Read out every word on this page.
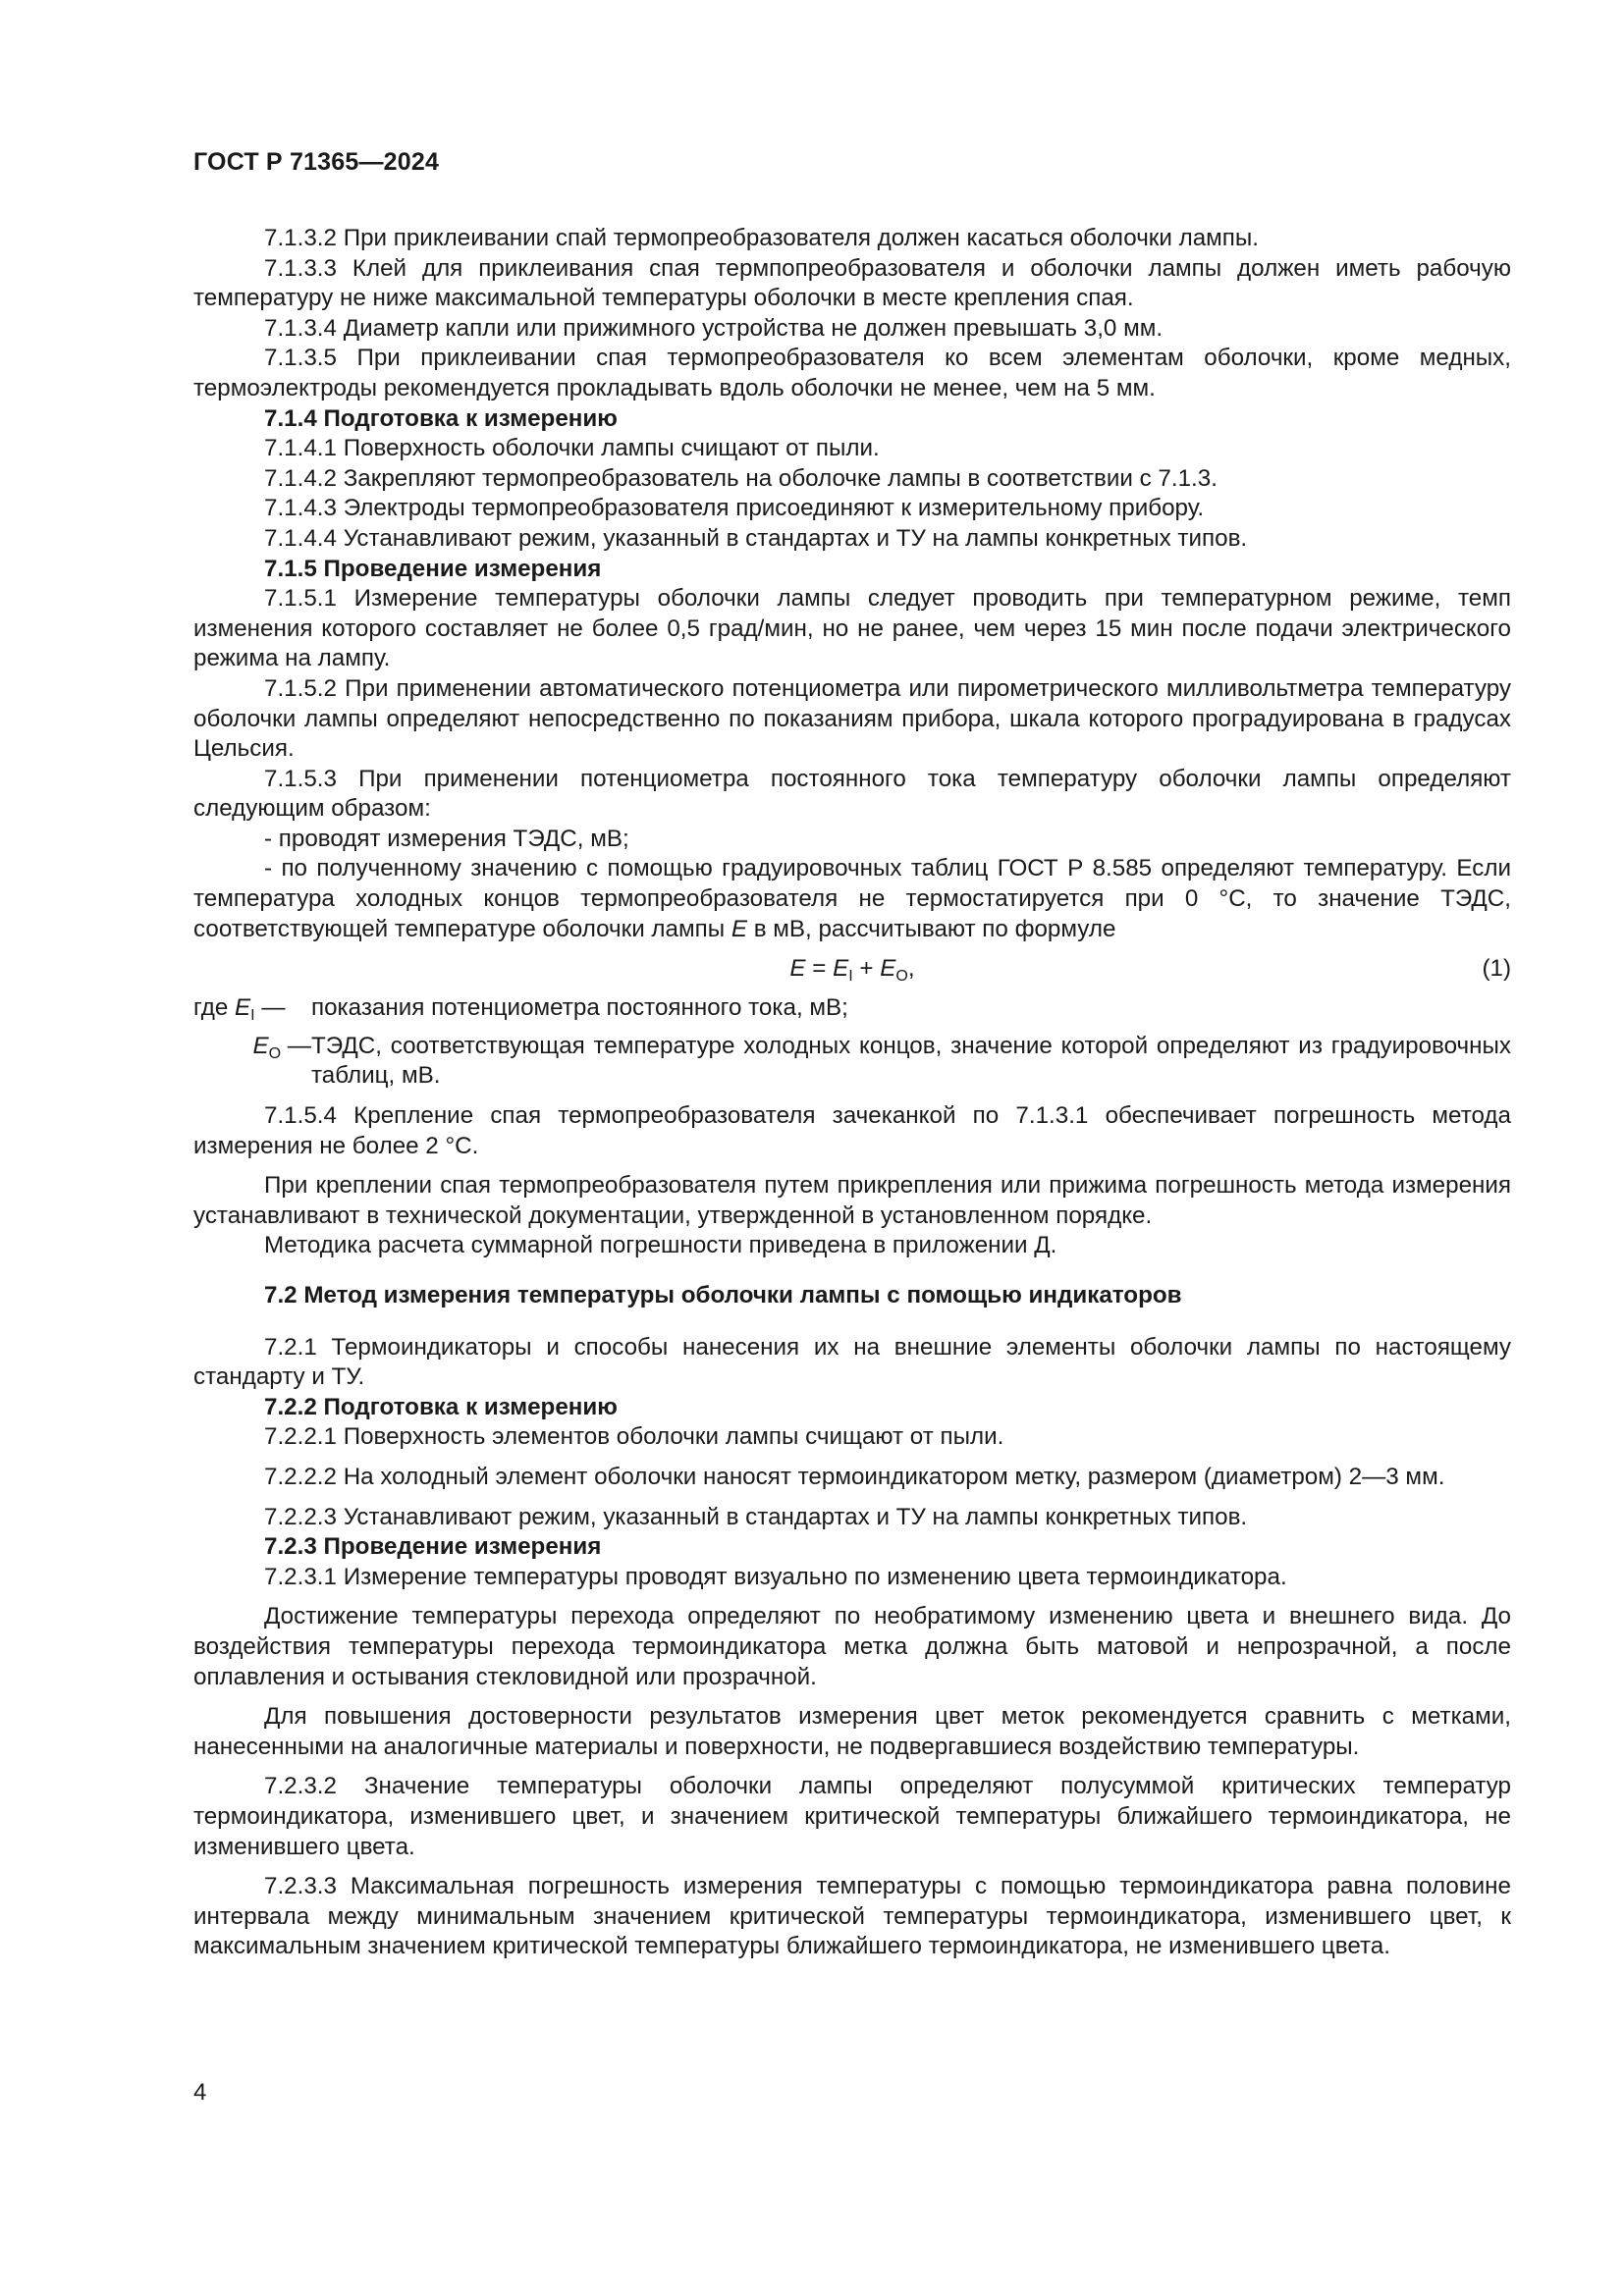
ГОСТ Р 71365—2024

7.1.3.2 При приклеивании спай термопреобразователя должен касаться оболочки лампы.

7.1.3.3 Клей для приклеивания спая термпопреобразователя и оболочки лампы должен иметь рабочую температуру не ниже максимальной температуры оболочки в месте крепления спая.

7.1.3.4 Диаметр капли или прижимного устройства не должен превышать 3,0 мм.

7.1.3.5 При приклеивании спая термопреобразователя ко всем элементам оболочки, кроме медных, термоэлектроды рекомендуется прокладывать вдоль оболочки не менее, чем на 5 мм.

7.1.4 Подготовка к измерению

7.1.4.1 Поверхность оболочки лампы счищают от пыли.

7.1.4.2 Закрепляют термопреобразователь на оболочке лампы в соответствии с 7.1.3.

7.1.4.3 Электроды термопреобразователя присоединяют к измерительному прибору.

7.1.4.4 Устанавливают режим, указанный в стандартах и ТУ на лампы конкретных типов.

7.1.5 Проведение измерения

7.1.5.1 Измерение температуры оболочки лампы следует проводить при температурном режиме, темп изменения которого составляет не более 0,5 град/мин, но не ранее, чем через 15 мин после подачи электрического режима на лампу.

7.1.5.2 При применении автоматического потенциометра или пирометрического милливольтметра температуру оболочки лампы определяют непосредственно по показаниям прибора, шкала которого проградуирована в градусах Цельсия.

7.1.5.3 При применении потенциометра постоянного тока температуру оболочки лампы определяют следующим образом:

- проводят измерения ТЭДС, мВ;

- по полученному значению с помощью градуировочных таблиц ГОСТ Р 8.585 определяют температуру. Если температура холодных концов термопреобразователя не термостатируется при 0 °С, то значение ТЭДС, соответствующей температуре оболочки лампы E в мВ, рассчитывают по формуле

$E = E_I + E_O$,	(1)
где $E_I$ —	показания потенциометра постоянного тока, мВ;
$E_O$ — ТЭДС, соответствующая температуре холодных концов, значение которой определяют из градуировочных таблиц, мВ.

7.1.5.4 Крепление спая термопреобразователя зачеканкой по 7.1.3.1 обеспечивает погрешность метода измерения не более 2 °С.

При креплении спая термопреобразователя путем прикрепления или прижима погрешность метода измерения устанавливают в технической документации, утвержденной в установленном порядке.

Методика расчета суммарной погрешности приведена в приложении Д.

7.2 Метод измерения температуры оболочки лампы с помощью индикаторов

7.2.1 Термоиндикаторы и способы нанесения их на внешние элементы оболочки лампы по настоящему стандарту и ТУ.

7.2.2 Подготовка к измерению

7.2.2.1 Поверхность элементов оболочки лампы счищают от пыли.

7.2.2.2 На холодный элемент оболочки наносят термоиндикатором метку, размером (диаметром) 2—3 мм.

7.2.2.3 Устанавливают режим, указанный в стандартах и ТУ на лампы конкретных типов.

7.2.3 Проведение измерения

7.2.3.1 Измерение температуры проводят визуально по изменению цвета термоиндикатора.

Достижение температуры перехода определяют по необратимому изменению цвета и внешнего вида. До воздействия температуры перехода термоиндикатора метка должна быть матовой и непрозрачной, а после оплавления и остывания стекловидной или прозрачной.

Для повышения достоверности результатов измерения цвет меток рекомендуется сравнить с метками, нанесенными на аналогичные материалы и поверхности, не подвергавшиеся воздействию температуры.

7.2.3.2 Значение температуры оболочки лампы определяют полусуммой критических температур термоиндикатора, изменившего цвет, и значением критической температуры ближайшего термоиндикатора, не изменившего цвета.

7.2.3.3 Максимальная погрешность измерения температуры с помощью термоиндикатора равна половине интервала между минимальным значением критической температуры термоиндикатора, изменившего цвет, к максимальным значением критической температуры ближайшего термоиндикатора, не изменившего цвета.

4
